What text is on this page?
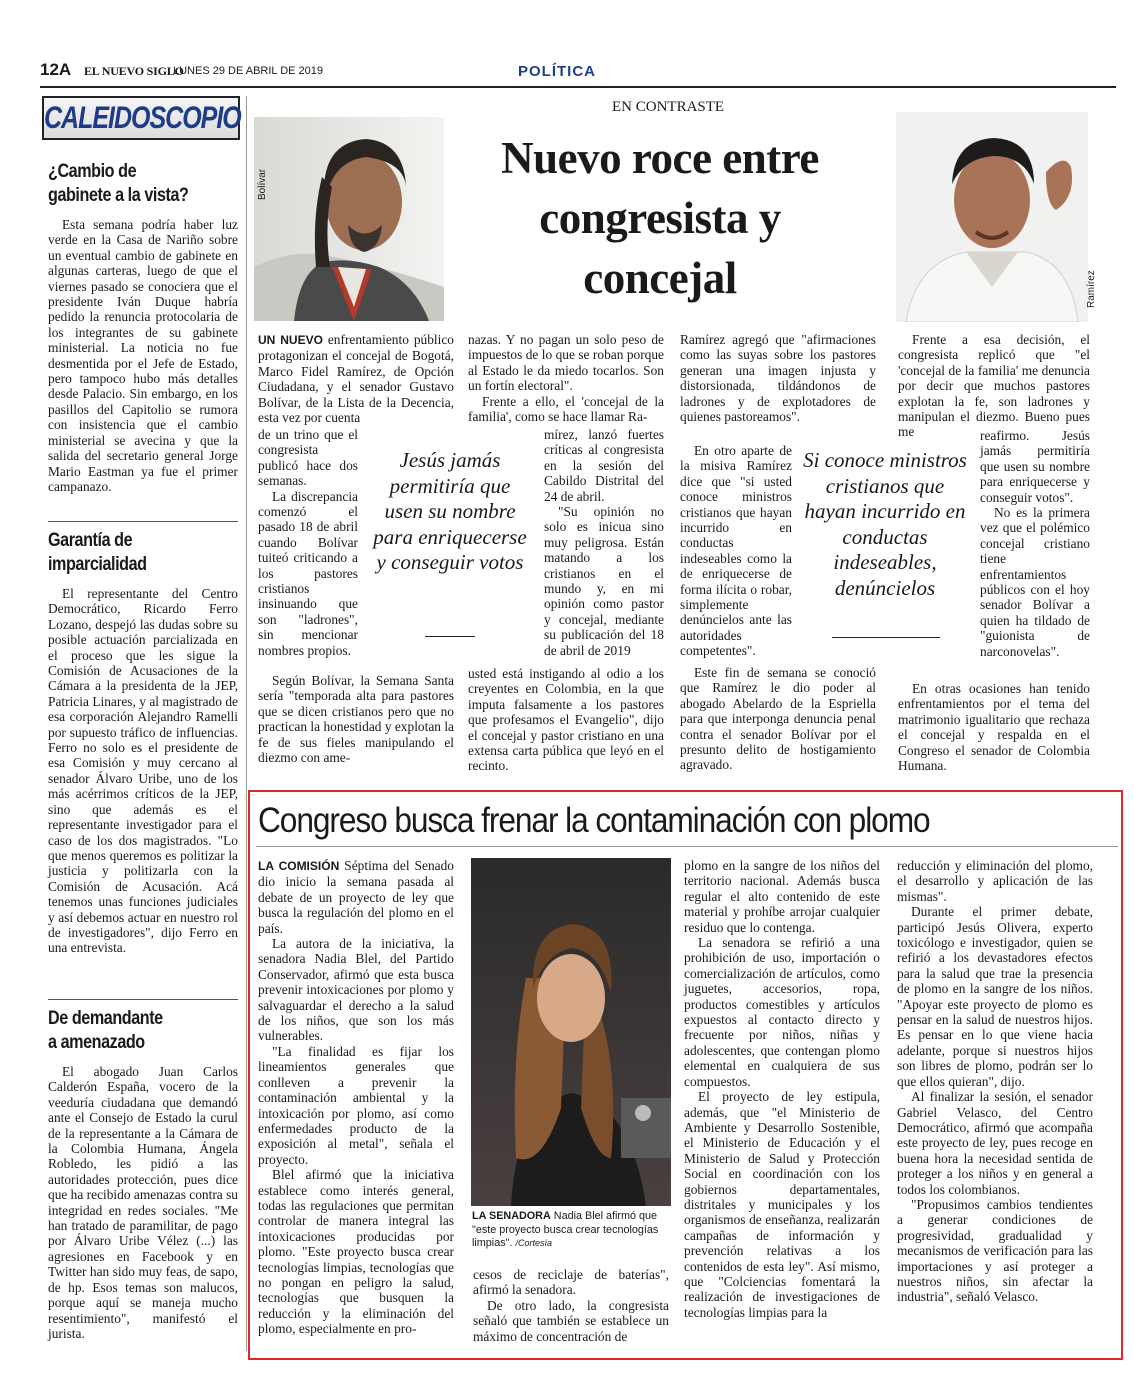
12A EL NUEVO SIGLO
LUNES 29 DE ABRIL DE 2019	POLÍTICA
CALEIDOSCOPIO
¿Cambio de
gabinete a la vista?

Esta semana podría haber luz verde en la Casa de Nariño sobre un eventual cambio de gabinete en algunas carteras, luego de que el viernes pasado se conociera que el presidente Iván Duque habría pedido la renuncia protocolaria de los integrantes de su gabinete ministerial. La noticia no fue desmentida por el Jefe de Estado, pero tampoco hubo más detalles desde Palacio. Sin embargo, en los pasillos del Capitolio se rumora con insistencia que el cambio ministerial se avecina y que la salida del secretario general Jorge Mario Eastman ya fue el primer campanazo.

Garantía de
imparcialidad

El representante del Centro Democrático, Ricardo Ferro Lozano, despejó las dudas sobre su posible actuación parcializada en el proceso que les sigue la Comisión de Acusaciones de la Cámara a la presidenta de la JEP, Patricia Linares, y al magistrado de esa corporación Alejandro Ramelli por supuesto tráfico de influencias. Ferro no solo es el presidente de esa Comisión y muy cercano al senador Álvaro Uribe, uno de los más acérrimos críticos de la JEP, sino que además es el representante investigador para el caso de los dos magistrados. "Lo que menos queremos es politizar la justicia y politizarla con la Comisión de Acusación. Acá tenemos unas funciones judiciales y así debemos actuar en nuestro rol de investigadores", dijo Ferro en una entrevista.

De demandante
a amenazado

El abogado Juan Carlos Calderón España, vocero de la veeduría ciudadana que demandó ante el Consejo de Estado la curul de la representante a la Cámara de la Colombia Humana, Ángela Robledo, les pidió a las autoridades protección, pues dice que ha recibido amenazas contra su integridad en redes sociales. "Me han tratado de paramilitar, de pago por Álvaro Uribe Vélez (...) las agresiones en Facebook y en Twitter han sido muy feas, de sapo, de hp. Esos temas son malucos, porque aquí se maneja mucho resentimiento", manifestó el jurista.

EN CONTRASTE
Nuevo roce entre
congresista y
concejal
Bolívar
Ramírez

UN NUEVO enfrentamiento público protagonizan el concejal de Bogotá, Marco Fidel Ramírez, de Opción Ciudadana, y el senador Gustavo Bolívar, de la Lista de la Decencia, esta vez por cuenta

de un trino que el congresista publicó hace dos semanas.

La discrepancia comenzó el pasado 18 de abril cuando Bolívar tuiteó criticando a los pastores cristianos insinuando que son "ladrones", sin mencionar nombres propios.

Según Bolívar, la Semana Santa sería "temporada alta para pastores que se dicen cristianos pero que no practican la honestidad y explotan la fe de sus fieles manipulando el diezmo con ame-

nazas. Y no pagan un solo peso de impuestos de lo que se roban porque al Estado le da miedo tocarlos. Son un fortín electoral".

Frente a ello, el 'concejal de la familia', como se hace llamar Ra-

mírez, lanzó fuertes críticas al congresista en la sesión del Cabildo Distrital del 24 de abril.

"Su opinión no solo es inicua sino muy peligrosa. Están matando a los cristianos en el mundo y, en mi opinión como pastor y concejal, mediante su publicación del 18 de abril de 2019

usted está instigando al odio a los creyentes en Colombia, en la que imputa falsamente a los pastores que profesamos el Evangelio", dijo el concejal y pastor cristiano en una extensa carta pública que leyó en el recinto.

Jesús jamás permitiría que usen su nombre para enriquecerse y conseguir votos

Ramírez agregó que "afirmaciones como las suyas sobre los pastores generan una imagen injusta y distorsionada, tildándonos de ladrones y de explotadores de quienes pastoreamos".

En otro aparte de la misiva Ramírez dice que "si usted conoce ministros cristianos que hayan incurrido en conductas indeseables como la de enriquecerse de forma ilícita o robar, simplemente denúncielos ante las autoridades competentes".

Este fin de semana se conoció que Ramírez le dio poder al abogado Abelardo de la Espriella para que interponga denuncia penal contra el senador Bolívar por el presunto delito de hostigamiento agravado.

Si conoce ministros cristianos que hayan incurrido en conductas indeseables, denúncielos

Frente a esa decisión, el congresista replicó que "el 'concejal de la familia' me denuncia por decir que muchos pastores explotan la fe, son ladrones y manipulan el diezmo. Bueno pues me	reafirmo. Jesús jamás permitiría que usen su nombre para enriquecerse y conseguir votos".

No es la primera vez que el polémico concejal cristiano tiene enfrentamientos públicos con el hoy senador Bolívar a quien ha tildado de "guionista de narconovelas".

En otras ocasiones han tenido enfrentamientos por el tema del matrimonio igualitario que rechaza el concejal y respalda en el Congreso el senador de Colombia Humana.

Congreso busca frenar la contaminación con plomo

LA COMISIÓN Séptima del Senado dio inicio la semana pasada al debate de un proyecto de ley que busca la regulación del plomo en el país.

La autora de la iniciativa, la senadora Nadia Blel, del Partido Conservador, afirmó que esta busca prevenir intoxicaciones por plomo y salvaguardar el derecho a la salud de los niños, que son los más vulnerables.

"La finalidad es fijar los lineamientos generales que conlleven a prevenir la contaminación ambiental y la intoxicación por plomo, así como enfermedades producto de la exposición al metal", señala el proyecto.

Blel afirmó que la iniciativa establece como interés general, todas las regulaciones que permitan controlar de manera integral las intoxicaciones producidas por plomo. "Este proyecto busca crear tecnologías limpias, tecnologías que no pongan en peligro la salud, tecnologías que busquen la reducción y la eliminación del plomo, especialmente en pro-

LA SENADORA Nadia Blel afirmó que "este proyecto busca crear tecnologías limpias". /Cortesía

cesos de reciclaje de baterías", afirmó la senadora.

De otro lado, la congresista señaló que también se establece un máximo de concentración de

plomo en la sangre de los niños del territorio nacional. Además busca regular el alto contenido de este material y prohíbe arrojar cualquier residuo que lo contenga.

La senadora se refirió a una prohibición de uso, importación o comercialización de artículos, como juguetes, accesorios, ropa, productos comestibles y artículos expuestos al contacto directo y frecuente por niños, niñas y adolescentes, que contengan plomo elemental en cualquiera de sus compuestos.

El proyecto de ley estipula, además, que "el Ministerio de Ambiente y Desarrollo Sostenible, el Ministerio de Educación y el Ministerio de Salud y Protección Social en coordinación con los gobiernos departamentales, distritales y municipales y los organismos de enseñanza, realizarán campañas de información y prevención relativas a los contenidos de esta ley". Así mismo, que "Colciencias fomentará la realización de investigaciones de tecnologías limpias para la

reducción y eliminación del plomo, el desarrollo y aplicación de las mismas".

Durante el primer debate, participó Jesús Olivera, experto toxicólogo e investigador, quien se refirió a los devastadores efectos para la salud que trae la presencia de plomo en la sangre de los niños. "Apoyar este proyecto de plomo es pensar en la salud de nuestros hijos. Es pensar en lo que viene hacia adelante, porque si nuestros hijos son libres de plomo, podrán ser lo que ellos quieran", dijo.

Al finalizar la sesión, el senador Gabriel Velasco, del Centro Democrático, afirmó que acompaña este proyecto de ley, pues recoge en buena hora la necesidad sentida de proteger a los niños y en general a todos los colombianos.

"Propusimos cambios tendientes a generar condiciones de progresividad, gradualidad y mecanismos de verificación para las importaciones y así proteger a nuestros niños, sin afectar la industria", señaló Velasco.
